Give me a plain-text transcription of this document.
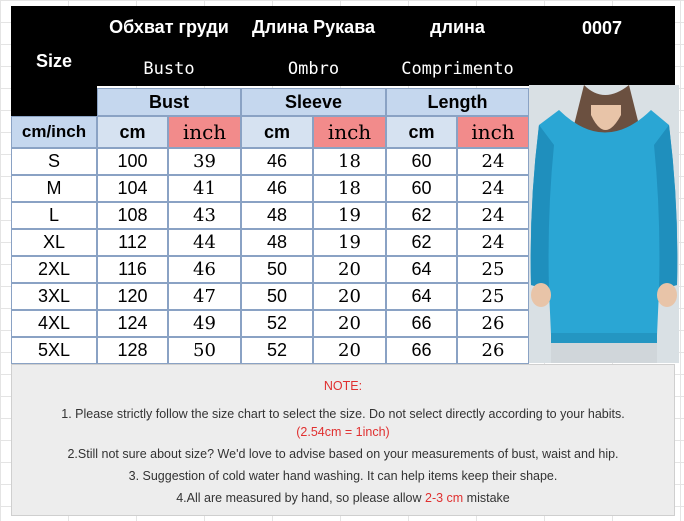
Size
Обхват груди	Длина Рукава	длина
Busto	Ombro	Comprimento
0007
Bust	Sleeve	Length
cm/inch	cm	inch	cm	inch	cm	inch
S	100	39	46	18	60	24
M	104	41	46	18	60	24
L	108	43	48	19	62	24
XL	112	44	48	19	62	24
2XL	116	46	50	20	64	25
3XL	120	47	50	20	64	25
4XL	124	49	52	20	66	26
5XL	128	50	52	20	66	26

NOTE:

1. Please strictly follow the size chart to select the size. Do not select directly according to your habits.

(2.54cm = 1inch)

2.Still not sure about size? We'd love to advise based on your measurements of bust, waist and hip.

3. Suggestion of cold water hand washing. It can help items keep their shape.

4.All are measured by hand, so please allow 2-3 cm mistake
